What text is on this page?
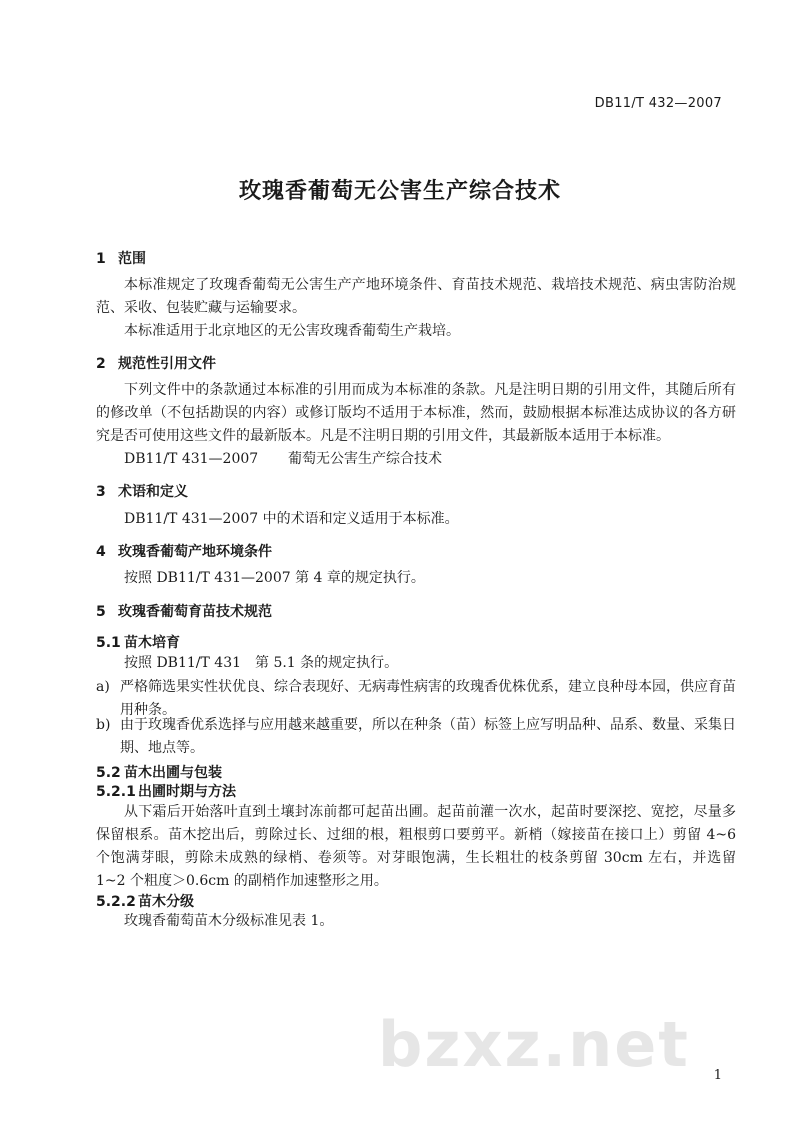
DB11/T 432—2007
玫瑰香葡萄无公害生产综合技术
1 范围
本标准规定了玫瑰香葡萄无公害生产产地环境条件、育苗技术规范、栽培技术规范、病虫害防治规范、采收、包装贮藏与运输要求。
本标准适用于北京地区的无公害玫瑰香葡萄生产栽培。
2 规范性引用文件
下列文件中的条款通过本标准的引用而成为本标准的条款。凡是注明日期的引用文件，其随后所有的修改单（不包括勘误的内容）或修订版均不适用于本标准，然而，鼓励根据本标准达成协议的各方研究是否可使用这些文件的最新版本。凡是不注明日期的引用文件，其最新版本适用于本标准。
DB11/T 431—2007 葡萄无公害生产综合技术
3 术语和定义
DB11/T 431—2007 中的术语和定义适用于本标准。
4 玫瑰香葡萄产地环境条件
按照 DB11/T 431—2007 第 4 章的规定执行。
5 玫瑰香葡萄育苗技术规范
5.1 苗木培育
按照 DB11/T 431　第 5.1 条的规定执行。
a) 严格筛选果实性状优良、综合表现好、无病毒性病害的玫瑰香优株优系，建立良种母本园，供应育苗用种条。
b) 由于玫瑰香优系选择与应用越来越重要，所以在种条（苗）标签上应写明品种、品系、数量、采集日期、地点等。
5.2 苗木出圃与包装
5.2.1 出圃时期与方法
从下霜后开始落叶直到土壤封冻前都可起苗出圃。起苗前灌一次水，起苗时要深挖、宽挖，尽量多保留根系。苗木挖出后，剪除过长、过细的根，粗根剪口要剪平。新梢（嫁接苗在接口上）剪留 4~6 个饱满芽眼，剪除未成熟的绿梢、卷须等。对芽眼饱满，生长粗壮的枝条剪留 30cm 左右，并选留 1~2 个粗度＞0.6cm 的副梢作加速整形之用。
5.2.2 苗木分级
玫瑰香葡萄苗木分级标准见表 1。
bzxz.net 1
